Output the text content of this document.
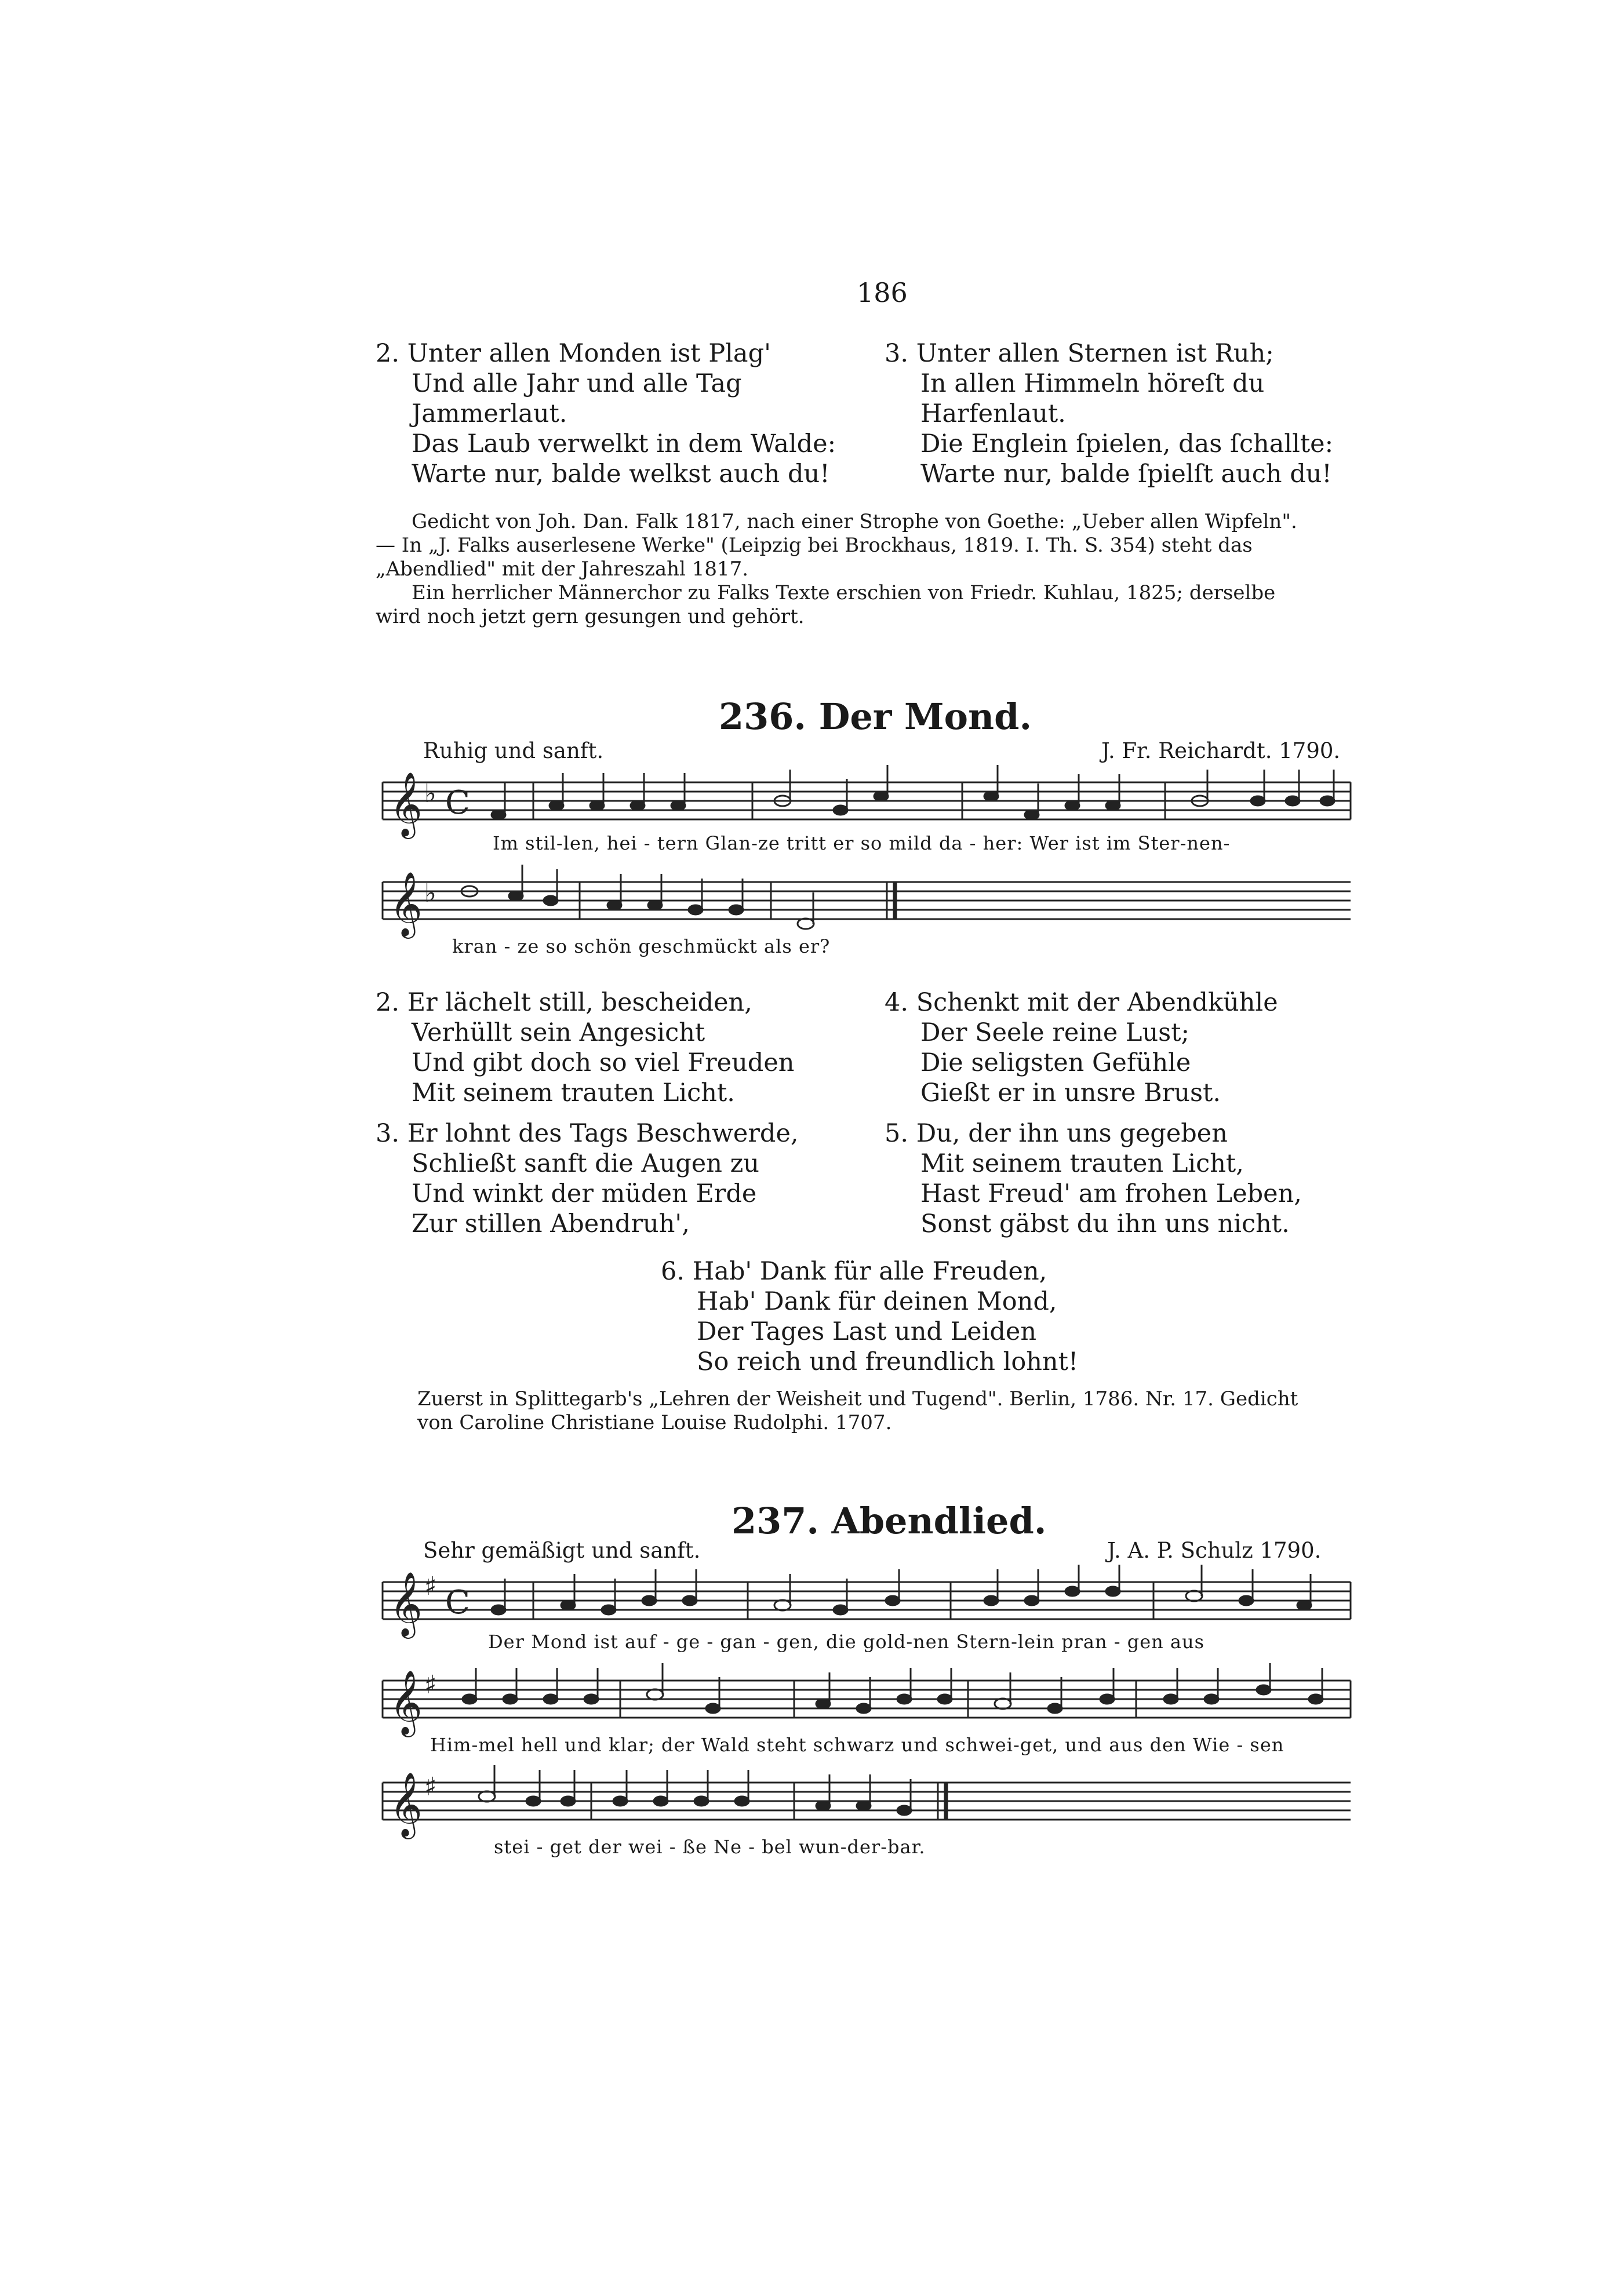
186
2. Unter allen Monden ist Plag'
Und alle Jahr und alle Tag
Jammerlaut.
Das Laub verwelkt in dem Walde:
Warte nur, balde welkst auch du!
3. Unter allen Sternen ist Ruh;
In allen Himmeln höreſt du
Harfenlaut.
Die Englein ſpielen, das ſchallte:
Warte nur, balde ſpielſt auch du!
Gedicht von Joh. Dan. Falk 1817, nach einer Strophe von Goethe: „Ueber allen Wipfeln".
— In „J. Falks auserlesene Werke" (Leipzig bei Brockhaus, 1819. I. Th. S. 354) steht das
„Abendlied" mit der Jahreszahl 1817.
Ein herrlicher Männerchor zu Falks Texte erschien von Friedr. Kuhlau, 1825; derselbe
wird noch jetzt gern gesungen und gehört.
236. Der Mond.
Ruhig und sanft.	J. Fr. Reichardt. 1790.
𝄞 ♭ C
Im stil-len, hei - tern Glan-ze tritt er so mild da - her: Wer ist im Ster-nen-
𝄞 ♭
kran - ze so schön geschmückt als er?
2. Er lächelt still, bescheiden,
Verhüllt sein Angesicht
Und gibt doch so viel Freuden
Mit seinem trauten Licht.
3. Er lohnt des Tags Beschwerde,
Schließt sanft die Augen zu
Und winkt der müden Erde
Zur stillen Abendruh',
4. Schenkt mit der Abendkühle
Der Seele reine Lust;
Die seligsten Gefühle
Gießt er in unsre Brust.
5. Du, der ihn uns gegeben
Mit seinem trauten Licht,
Hast Freud' am frohen Leben,
Sonst gäbst du ihn uns nicht.
6. Hab' Dank für alle Freuden,
Hab' Dank für deinen Mond,
Der Tages Last und Leiden
So reich und freundlich lohnt!
Zuerst in Splittegarb's „Lehren der Weisheit und Tugend". Berlin, 1786. Nr. 17. Gedicht
von Caroline Christiane Louise Rudolphi. 1707.
237. Abendlied.
Sehr gemäßigt und sanft.	J. A. P. Schulz 1790.
𝄞 ♯ C
Der Mond ist auf - ge - gan - gen, die gold-nen Stern-lein pran - gen aus
𝄞 ♯
Him-mel hell und klar; der Wald steht schwarz und schwei-get, und aus den Wie - sen
𝄞 ♯
stei - get der wei - ße Ne - bel wun-der-bar.
